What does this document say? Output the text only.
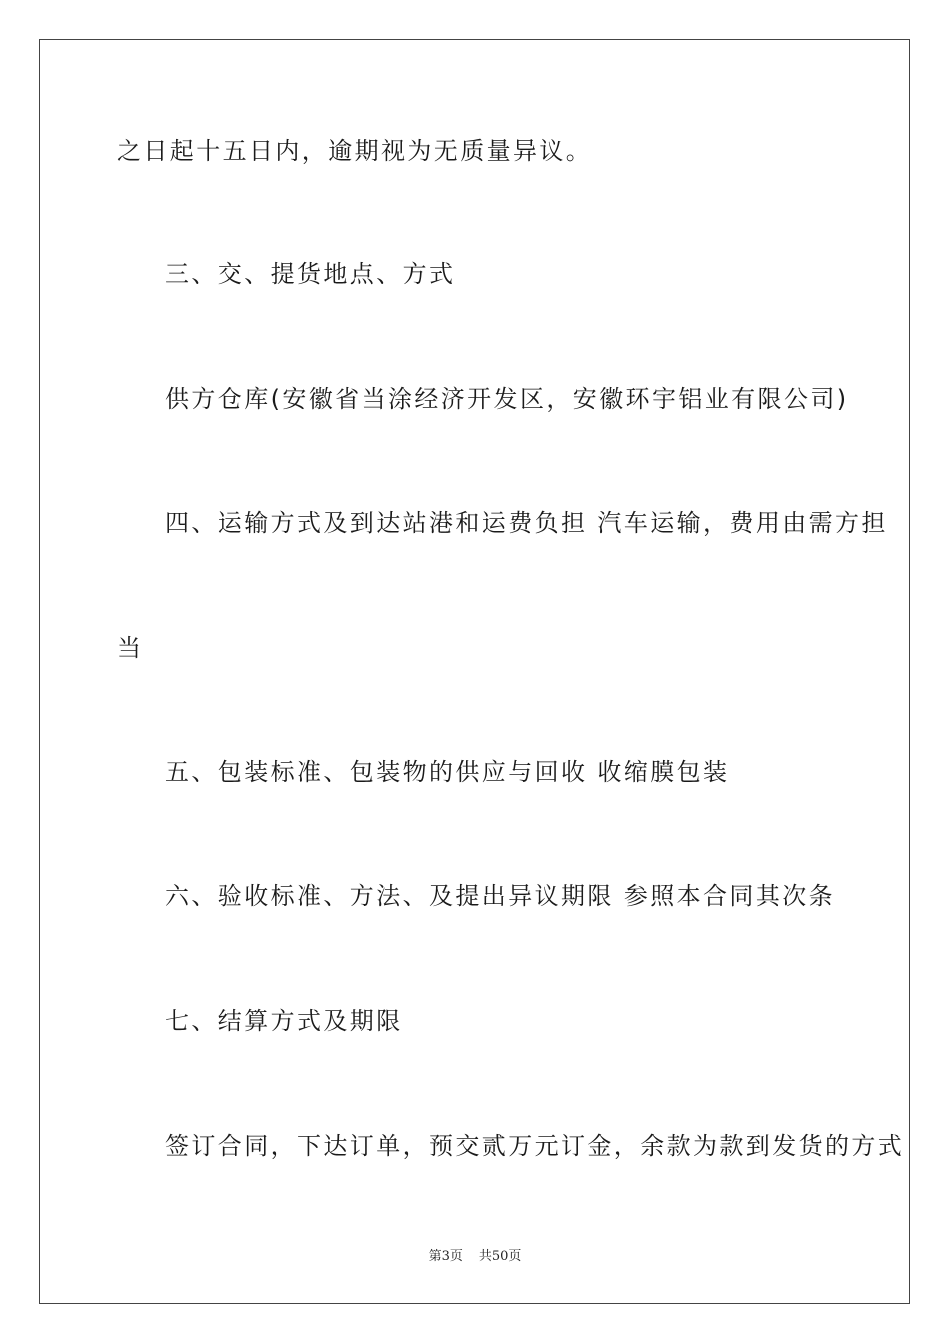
之日起十五日内，逾期视为无质量异议。
三、交、提货地点、方式
供方仓库(安徽省当涂经济开发区，安徽环宇铝业有限公司)
四、运输方式及到达站港和运费负担 汽车运输，费用由需方担
当
五、包装标准、包装物的供应与回收 收缩膜包装
六、验收标准、方法、及提出异议期限 参照本合同其次条
七、结算方式及期限
签订合同，下达订单，预交贰万元订金，余款为款到发货的方式
第3页 共50页
